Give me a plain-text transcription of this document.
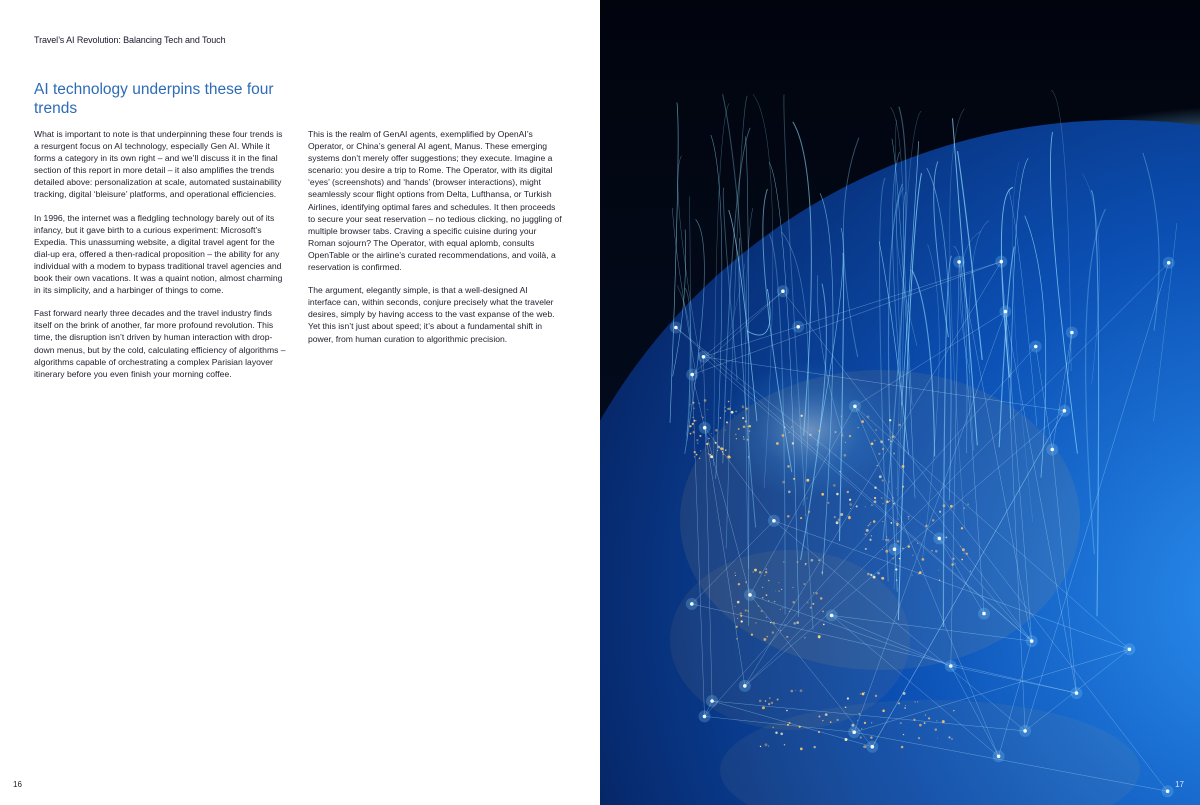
Travel’s AI Revolution: Balancing Tech and Touch
AI technology underpins these four trends

What is important to note is that underpinning these four trends is a resurgent focus on AI technology, especially Gen AI. While it forms a category in its own right – and we’ll discuss it in the final section of this report in more detail – it also amplifies the trends detailed above: personalization at scale, automated sustainability tracking, digital ‘bleisure’ platforms, and operational efficiencies.

In 1996, the internet was a fledgling technology barely out of its infancy, but it gave birth to a curious experiment: Microsoft’s Expedia. This unassuming website, a digital travel agent for the dial-up era, offered a then-radical proposition – the ability for any individual with a modem to bypass traditional travel agencies and book their own vacations. It was a quaint notion, almost charming in its simplicity, and a harbinger of things to come.

Fast forward nearly three decades and the travel industry finds itself on the brink of another, far more profound revolution. This time, the disruption isn’t driven by human interaction with drop-down menus, but by the cold, calculating efficiency of algorithms – algorithms capable of orchestrating a complex Parisian layover itinerary before you even finish your morning coffee.

This is the realm of GenAI agents, exemplified by OpenAI’s Operator, or China’s general AI agent, Manus. These emerging systems don’t merely offer suggestions; they execute. Imagine a scenario: you desire a trip to Rome. The Operator, with its digital ‘eyes’ (screenshots) and ‘hands’ (browser interactions), might seamlessly scour flight options from Delta, Lufthansa, or Turkish Airlines, identifying optimal fares and schedules. It then proceeds to secure your seat reservation – no tedious clicking, no juggling of multiple browser tabs. Craving a specific cuisine during your Roman sojourn? The Operator, with equal aplomb, consults OpenTable or the airline’s curated recommendations, and voilà, a reservation is confirmed.

The argument, elegantly simple, is that a well-designed AI interface can, within seconds, conjure precisely what the traveler desires, simply by having access to the vast expanse of the web. Yet this isn’t just about speed; it’s about a fundamental shift in power, from human curation to algorithmic precision.

16	17
